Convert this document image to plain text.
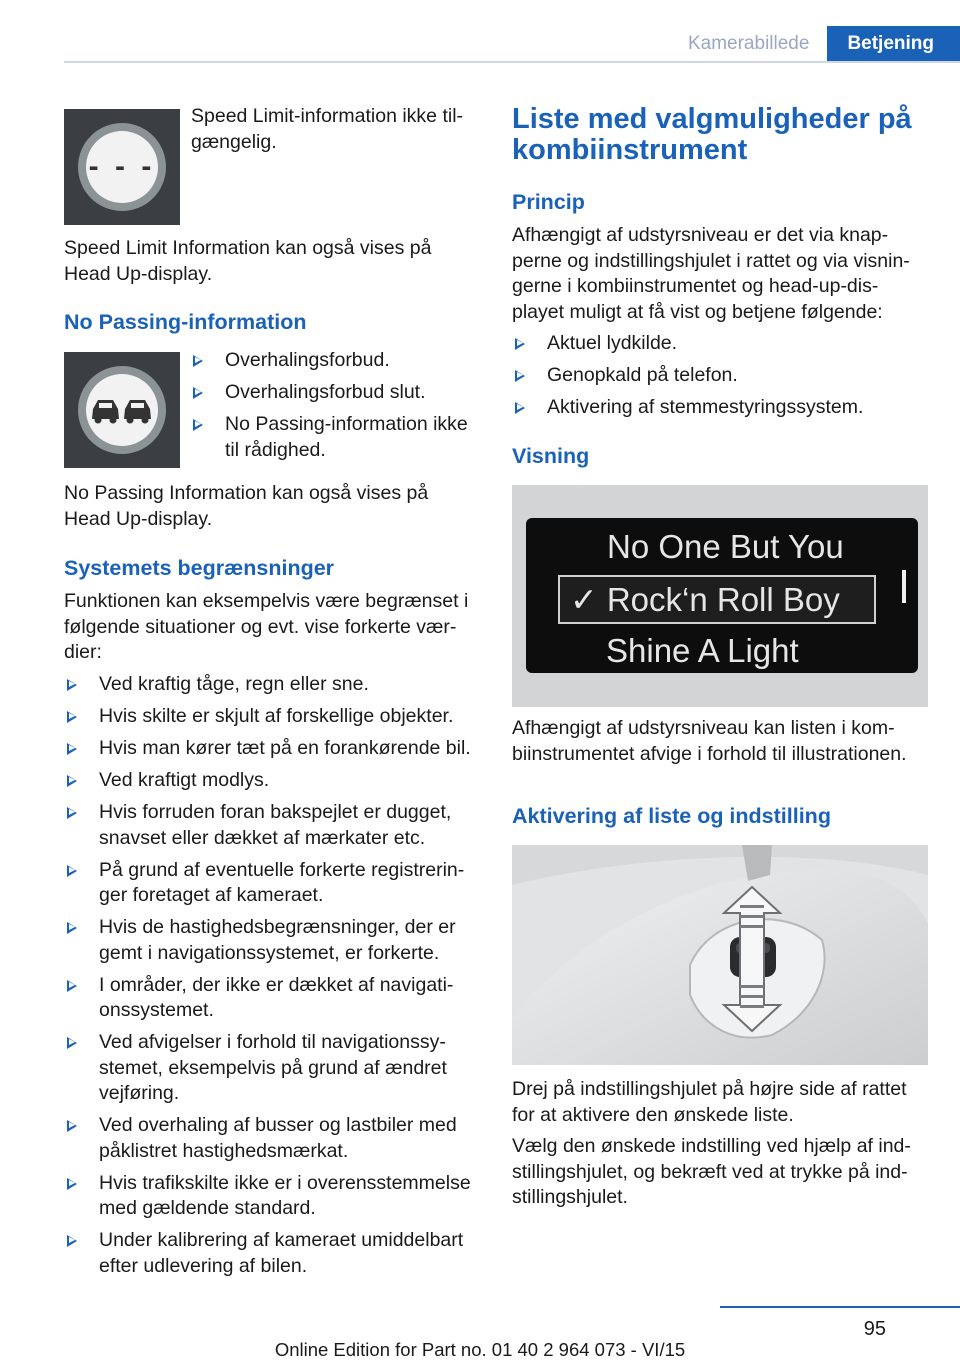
Kamerabillede	Betjening
- - -

Speed Limit-information ikke til‐gængelig.

Speed Limit Information kan også vises på Head Up-display.

No Passing-information
Overhalingsforbud.
Overhalingsforbud slut.
No Passing-information ikke til rådighed.

No Passing Information kan også vises på Head Up-display.

Systemets begrænsninger

Funktionen kan eksempelvis være begrænset i følgende situationer og evt. vise forkerte vær‐dier:

Ved kraftig tåge, regn eller sne.
Hvis skilte er skjult af forskellige objekter.
Hvis man kører tæt på en forankørende bil.
Ved kraftigt modlys.
Hvis forruden foran bakspejlet er dugget, snavset eller dækket af mærkater etc.
På grund af eventuelle forkerte registrerin‐ger foretaget af kameraet.
Hvis de hastighedsbegrænsninger, der er gemt i navigationssystemet, er forkerte.
I områder, der ikke er dækket af navigati‐onssystemet.
Ved afvigelser i forhold til navigationssy‐stemet, eksempelvis på grund af ændret vejføring.
Ved overhaling af busser og lastbiler med påklistret hastighedsmærkat.
Hvis trafikskilte ikke er i overensstemmelse med gældende standard.
Under kalibrering af kameraet umiddelbart efter udlevering af bilen.
Liste med valgmuligheder på kombiinstrument
Princip

Afhængigt af udstyrsniveau er det via knap‐perne og indstillingshjulet i rattet og via visnin‐gerne i kombiinstrumentet og head-up-dis‐playet muligt at få vist og betjene følgende:

Aktuel lydkilde.
Genopkald på telefon.
Aktivering af stemmestyringssystem.
Visning
No One But You
✓ Rock‘n Roll Boy
Shine A Light

Afhængigt af udstyrsniveau kan listen i kom‐biinstrumentet afvige i forhold til illustrationen.

Aktivering af liste og indstilling

Drej på indstillingshjulet på højre side af rattet for at aktivere den ønskede liste.

Vælg den ønskede indstilling ved hjælp af ind‐stillingshjulet, og bekræft ved at trykke på ind‐stillingshjulet.

95
Online Edition for Part no. 01 40 2 964 073 - VI/15
